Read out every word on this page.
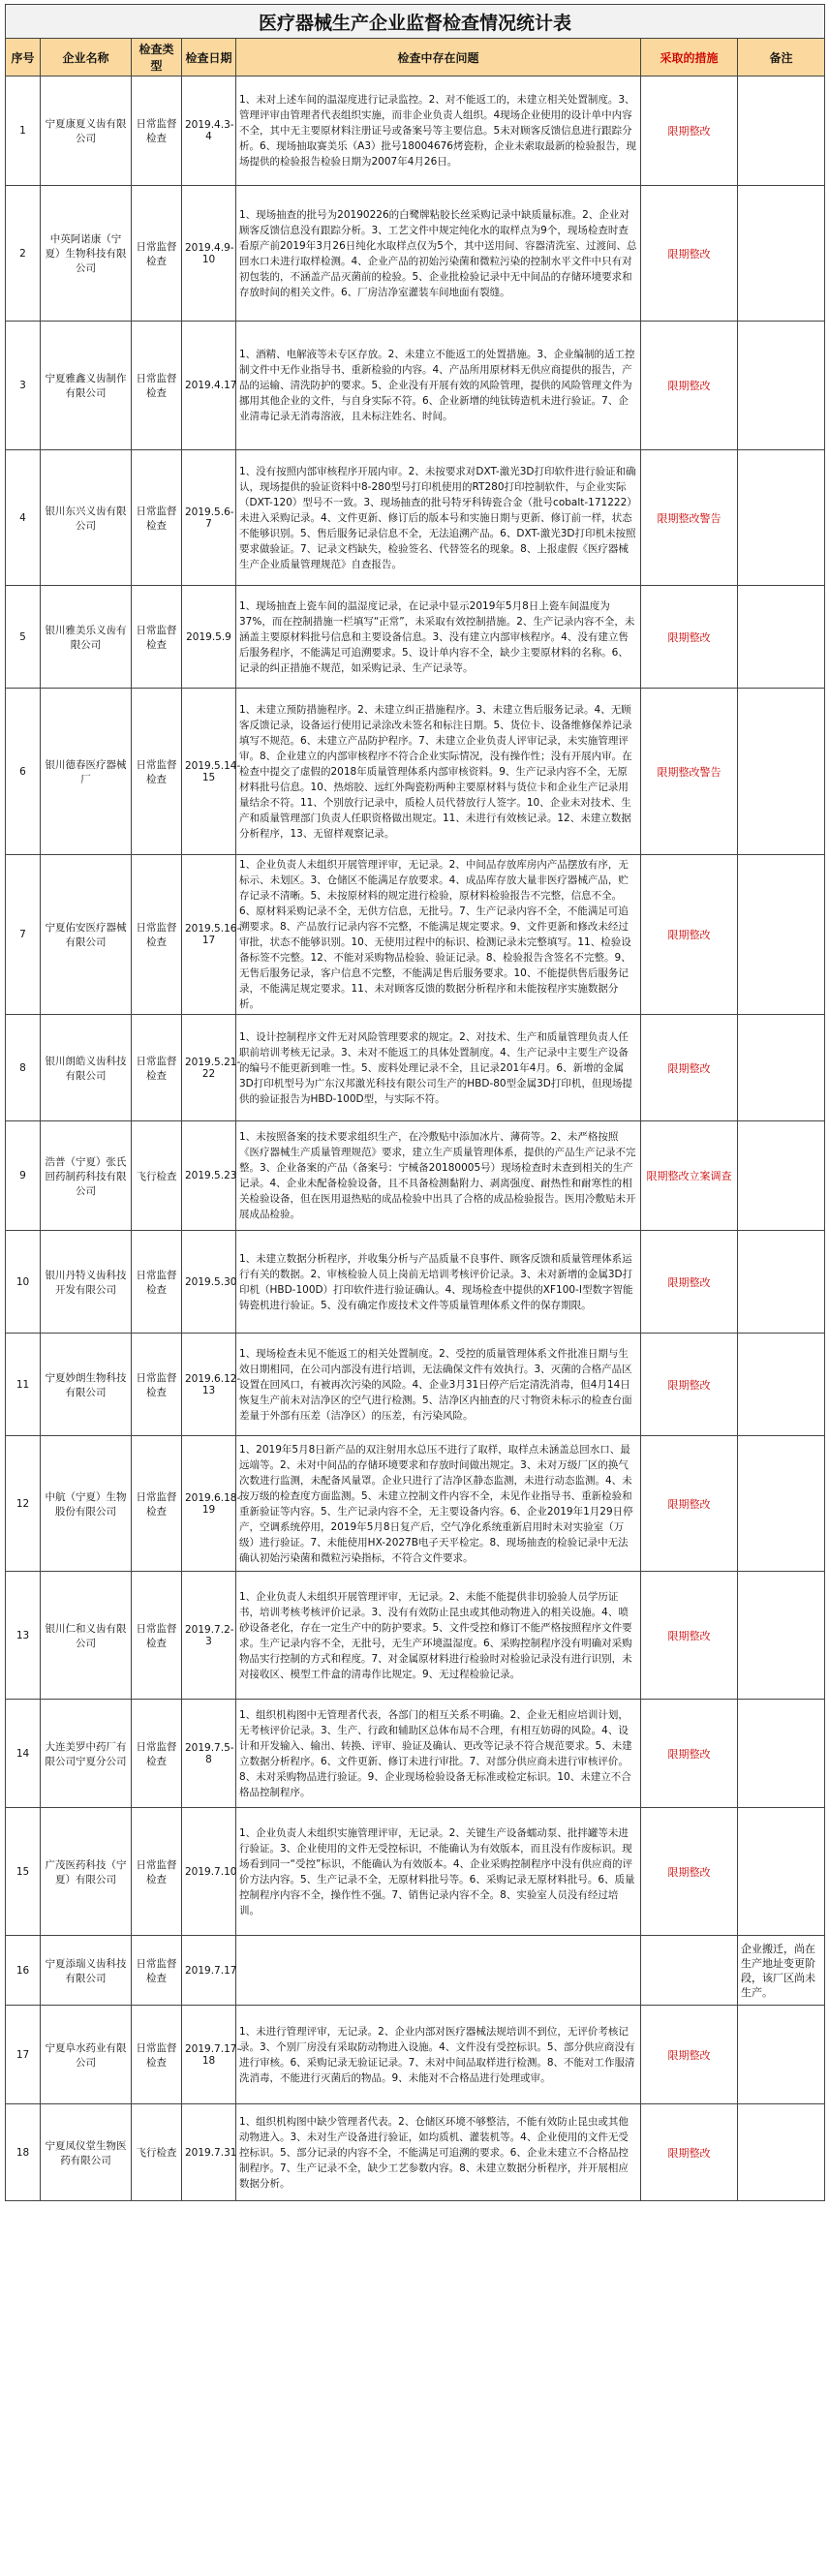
医疗器械生产企业监督检查情况统计表						
序号	企业名称	检查类型	检查日期	检查中存在问题	采取的措施	备注
1	宁夏康夏义齿有限公司	日常监督检查	2019.4.3-4	1、未对上述车间的温湿度进行记录监控。2、对不能返工的，未建立相关处置制度。3、管理评审由管理者代表组织实施，而非企业负责人组织。4现场企业使用的设计单中内容不全，其中无主要原材料注册证号或备案号等主要信息。5未对顾客反馈信息进行跟踪分析。6、现场抽取赛美乐（A3）批号18004676烤瓷粉，企业未索取最新的检验报告，现场提供的检验报告检验日期为2007年4月26日。	限期整改	
2	中英阿诺康（宁夏）生物科技有限公司	日常监督检查	2019.4.9-10	1、现场抽查的批号为20190226的白鹭牌粘胶长丝采购记录中缺质量标准。2、企业对顾客反馈信息没有跟踪分析。3、工艺文件中规定纯化水的取样点为9个，现场检查时查看原产前2019年3月26日纯化水取样点仅为5个，其中送用间、容器清洗室、过渡间、总回水口未进行取样检测。4、企业产品的初始污染菌和微粒污染的控制水平文件中只有对初包装的，不涵盖产品灭菌前的检验。5、企业批检验记录中无中间品的存储环境要求和存放时间的相关文件。6、厂房洁净室灌装车间地面有裂缝。	限期整改	
3	宁夏雅鑫义齿制作有限公司	日常监督检查	2019.4.17	1、酒精、电解液等未专区存放。2、未建立不能返工的处置措施。3、企业编制的适工控制文件中无作业指导书、重新检验的内容。4、产品所用原材料无供应商提供的报告，产品的运输、清洗防护的要求。5、企业没有开展有效的风险管理，提供的风险管理文件为挪用其他企业的文件，与自身实际不符。6、企业新增的纯钛铸造机未进行验证。7、企业清毒记录无消毒溶液，且未标注姓名、时间。	限期整改	
4	银川东兴义齿有限公司	日常监督检查	2019.5.6-7	1、没有按照内部审核程序开展内审。2、未按要求对DXT-激光3D打印软件进行验证和确认，现场提供的验证资料中8-280型号打印机使用的RT280打印控制软件，与企业实际（DXT-120）型号不一致。3、现场抽查的批号特牙科铸瓷合金（批号cobalt-171222）未进入采购记录。4、文件更新、修订后的版本号和实施日期与更新、修订前一样，状态不能够识别。5、售后服务记录信息不全，无法追溯产品。6、DXT-激光3D打印机未按照要求做验证。7、记录文档缺失，检验签名、代替签名的现象。8、上报虚假《医疗器械生产企业质量管理规范》自查报告。	限期整改警告	
5	银川雅美乐义齿有限公司	日常监督检查	2019.5.9	1、现场抽查上瓷车间的温湿度记录，在记录中显示2019年5月8日上瓷车间温度为37%，而在控制措施一栏填写“正常”，未采取有效控制措施。2、生产记录内容不全，未涵盖主要原材料批号信息和主要设备信息。3、没有建立内部审核程序。4、没有建立售后服务程序，不能满足可追溯要求。5、设计单内容不全，缺少主要原材料的名称。6、记录的纠正措施不规范，如采购记录、生产记录等。	限期整改	
6	银川德春医疗器械厂	日常监督检查	2019.5.14-15	1、未建立预防措施程序。2、未建立纠正措施程序。3、未建立售后服务记录。4、无顾客反馈记录，设备运行使用记录涂改未签名和标注日期。5、货位卡、设备维修保养记录填写不规范。6、未建立产品防护程序。7、未建立企业负责人评审记录，未实施管理评审。8、企业建立的内部审核程序不符合企业实际情况，没有操作性；没有开展内审。在检查中提交了虚假的2018年质量管理体系内部审核资料。9、生产记录内容不全，无原材料批号信息。10、热熔胶、远红外陶瓷粉两种主要原材料与货位卡和企业生产记录用量结余不符。11、个别放行记录中，质检人员代替放行人签字。10、企业未对技术、生产和质量管理部门负责人任职资格做出规定。11、未进行有效核记录。12、未建立数据分析程序，13、无留样观察记录。	限期整改警告	
7	宁夏佑安医疗器械有限公司	日常监督检查	2019.5.16-17	1、企业负责人未组织开展管理评审，无记录。2、中间品存放库房内产品摆放有序，无标示、未划区。3、仓储区不能满足存放要求。4、成品库存放大量非医疗器械产品，贮存记录不清晰。5、未按原材料的规定进行检验，原材料检验报告不完整，信息不全。6、原材料采购记录不全，无供方信息，无批号。7、生产记录内容不全，不能满足可追溯要求。8、产品放行记录内容不完整，不能满足规定要求。9、文件更新和修改未经过审批，状态不能够识别。10、无使用过程中的标识、检测记录未完整填写。11、检验设备标签不完整。12、不能对采购物品检验、验证记录。8、检验报告含签名不完整。9、无售后服务记录，客户信息不完整，不能满足售后服务要求。10、不能提供售后服务记录，不能满足规定要求。11、未对顾客反馈的数据分析程序和未能按程序实施数据分析。	限期整改	
8	银川朗皓义齿科技有限公司	日常监督检查	2019.5.21-22	1、设计控制程序文件无对风险管理要求的规定。2、对技术、生产和质量管理负责人任职前培训考核无记录。3、未对不能返工的具体处置制度。4、生产记录中主要生产设备的编号不能更新到唯一性。5、废料处理记录不全，且记录201年4月。6、新增的金属3D打印机型号为广东汉邦激光科技有限公司生产的HBD-80型金属3D打印机，但现场提供的验证报告为HBD-100D型，与实际不符。	限期整改	
9	浩普（宁夏）张氏回药制药科技有限公司	飞行检查	2019.5.23	1、未按照备案的技术要求组织生产，在冷敷贴中添加冰片、薄荷等。2、未严格按照《医疗器械生产质量管理规范》要求，建立生产质量管理体系，提供的产品生产记录不完整。3、企业备案的产品（备案号：宁械备20180005号）现场检查时未查到相关的生产记录。4、企业未配备检验设备，且不具备检测黏附力、剥离强度、耐热性和耐寒性的相关检验设备，但在医用退热贴的成品检验中出具了合格的成品检验报告。医用冷敷贴未开展成品检验。	限期整改立案调查	
10	银川丹特义齿科技开发有限公司	日常监督检查	2019.5.30	1、未建立数据分析程序，并收集分析与产品质量不良事件、顾客反馈和质量管理体系运行有关的数据。2、审核检验人员上岗前无培训考核评价记录。3、未对新增的金属3D打印机（HBD-100D）打印软件进行验证确认。4、现场检查中提供的XF100-I型数字智能铸瓷机进行验证。5、没有确定作废技术文件等质量管理体系文件的保存期限。	限期整改	
11	宁夏妙朗生物科技有限公司	日常监督检查	2019.6.12-13	1、现场检查未见不能返工的相关处置制度。2、受控的质量管理体系文件批准日期与生效日期相同，在公司内部没有进行培训，无法确保文件有效执行。3、灭菌的合格产品区设置在回风口，有被再次污染的风险。4、企业3月31日停产后定清洗消毒，但4月14日恢复生产前未对洁净区的空气进行检测。5、洁净区内抽查的尺寸物资未标示的检查台面差量于外部有压差（洁净区）的压差，有污染风险。	限期整改	
12	中航（宁夏）生物股份有限公司	日常监督检查	2019.6.18-19	1、2019年5月8日新产品的双注射用水总压不进行了取样，取样点未涵盖总回水口、最远端等。2、未对中间品的存储环境要求和存放时间做出规定。3、未对万级厂区的换气次数进行监测，未配备风量罩。企业只进行了洁净区静态监测，未进行动态监测。4、未按万级的检查度方面监测。5、未建立控制文件内容不全，未见作业指导书、重新检验和重新验证等内容。5、生产记录内容不全，无主要设备内容。6、企业2019年1月29日停产，空调系统停用，2019年5月8日复产后，空气净化系统重新启用时未对实验室（万级）进行验证。7、未能使用HX-2027B电子天平检定。8、现场抽查的检验记录中无法确认初始污染菌和微粒污染指标，不符合文件要求。	限期整改	
13	银川仁和义齿有限公司	日常监督检查	2019.7.2-3	1、企业负责人未组织开展管理评审，无记录。2、未能不能提供非切验验人员学历证书，培训考核考核评价记录。3、没有有效防止昆虫或其他动物进入的相关设施。4、喷砂设备老化，存在一定生产中的防护要求。5、文件受控和修订不能严格按照程序文件要求。生产记录内容不全，无批号，无生产环境温湿度。6、采购控制程序没有明确对采购物品实行控制的方式和程度。7、对金属原材料进行检验时对检验记录没有进行识别，未对接收区、模型工件盒的清毒作比规定。9、无过程检验记录。	限期整改	
14	大连美罗中药厂有限公司宁夏分公司	日常监督检查	2019.7.5-8	1、组织机构图中无管理者代表，各部门的相互关系不明确。2、企业无相应培训计划，无考核评价记录。3、生产、行政和辅助区总体布局不合理，有相互妨碍的风险。4、设计和开发输入、输出、转换、评审、验证及确认、更改等记录不符合规范要求。5、未建立数据分析程序。6、文件更新、修订未进行审批。7、对部分供应商未进行审核评价。8、未对采购物品进行验证。9、企业现场检验设备无标准或检定标识。10、未建立不合格品控制程序。	限期整改	
15	广茂医药科技（宁夏）有限公司	日常监督检查	2019.7.10	1、企业负责人未组织实施管理评审，无记录。2、关键生产设备蠕动泵、批拌罐等未进行验证。3、企业使用的文件无受控标识，不能确认为有效版本，而且没有作废标识。现场看到同一“受控”标识，不能确认为有效版本。4、企业采购控制程序中没有供应商的评价方法内容。5、生产记录不全，无原材料批号等。6、采购记录无原材料批号。6、质量控制程序内容不全，操作性不强。7、销售记录内容不全。8、实验室人员没有经过培训。	限期整改	
16	宁夏添瑞义齿科技有限公司	日常监督检查	2019.7.17			企业搬迁，尚在生产地址变更阶段，该厂区尚未生产。
17	宁夏阜水药业有限公司	日常监督检查	2019.7.17-18	1、未进行管理评审，无记录。2、企业内部对医疗器械法规培训不到位，无评价考核记录。3、个别厂房没有采取防动物进入设施。4、文件没有受控标识。5、部分供应商没有进行审核。6、采购记录无验证记录。7、未对中间品取样进行检测。8、不能对工作服清洗消毒，不能进行灭菌后的物品。9、未能对不合格品进行处理或审。	限期整改	
18	宁夏凤仪堂生物医药有限公司	飞行检查	2019.7.31	1、组织机构图中缺少管理者代表。2、仓储区环境不够整洁，不能有效防止昆虫或其他动物进入。3、未对生产设备进行验证，如均质机、灌装机等。4、企业使用的文件无受控标识。5、部分记录的内容不全，不能满足可追溯的要求。6、企业未建立不合格品控制程序。7、生产记录不全，缺少工艺参数内容。8、未建立数据分析程序，并开展相应数据分析。	限期整改	
